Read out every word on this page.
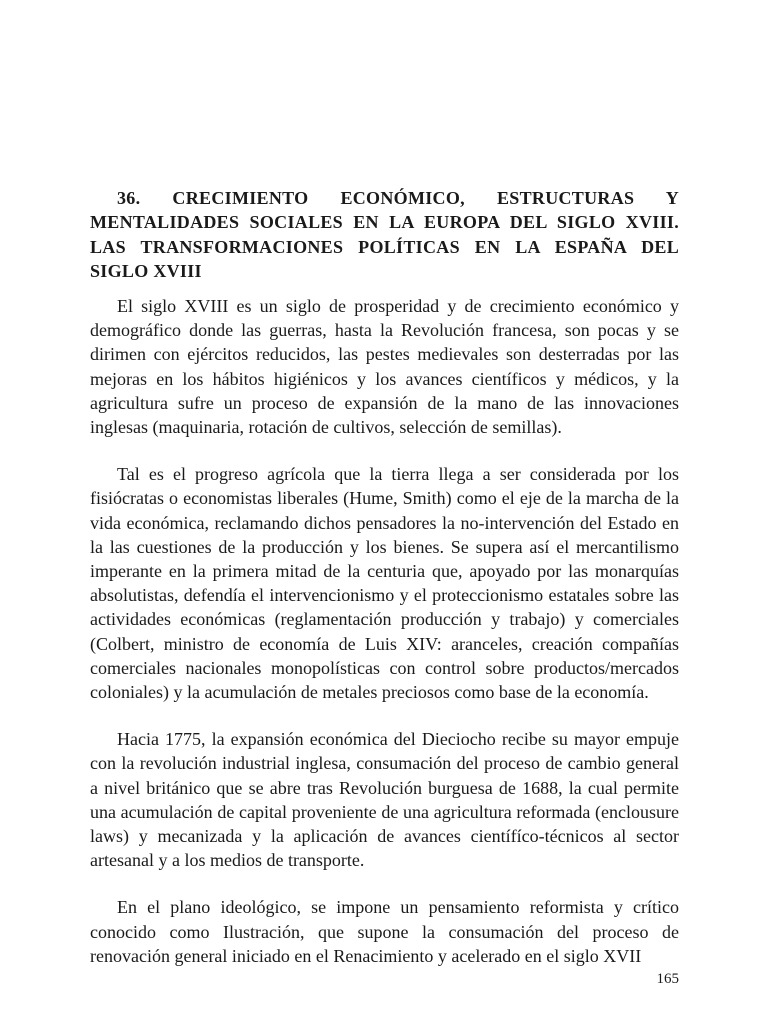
36. CRECIMIENTO ECONÓMICO, ESTRUCTURAS Y MENTALIDADES SOCIALES EN LA EUROPA DEL SIGLO XVIII. LAS TRANSFORMACIONES POLÍTICAS EN LA ESPAÑA DEL SIGLO XVIII

El siglo XVIII es un siglo de prosperidad y de crecimiento económico y demográfico donde las guerras, hasta la Revolución francesa, son pocas y se dirimen con ejércitos reducidos, las pestes medievales son desterradas por las mejoras en los hábitos higiénicos y los avances científicos y médicos, y la agricultura sufre un proceso de expansión de la mano de las innovaciones inglesas (maquinaria, rotación de cultivos, selección de semillas).

Tal es el progreso agrícola que la tierra llega a ser considerada por los fisiócratas o economistas liberales (Hume, Smith) como el eje de la marcha de la vida económica, reclamando dichos pensadores la no-intervención del Estado en la las cuestiones de la producción y los bienes. Se supera así el mercantilismo imperante en la primera mitad de la centuria que, apoyado por las monarquías absolutistas, defendía el intervencionismo y el proteccionismo estatales sobre las actividades económicas (reglamentación producción y trabajo) y comerciales (Colbert, ministro de economía de Luis XIV: aranceles, creación compañías comerciales nacionales monopolísticas con control sobre productos/mercados coloniales) y la acumulación de metales preciosos como base de la economía.

Hacia 1775, la expansión económica del Dieciocho recibe su mayor empuje con la revolución industrial inglesa, consumación del proceso de cambio general a nivel británico que se abre tras Revolución burguesa de 1688, la cual permite una acumulación de capital proveniente de una agricultura reformada (enclousure laws) y mecanizada y la aplicación de avances científíco-técnicos al sector artesanal y a los medios de transporte.

En el plano ideológico, se impone un pensamiento reformista y crítico conocido como Ilustración, que supone la consumación del proceso de renovación general iniciado en el Renacimiento y acelerado en el siglo XVII

165
